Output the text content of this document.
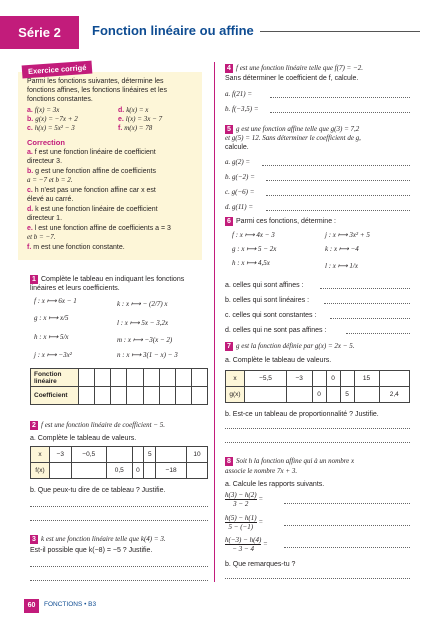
Série 2	Fonction linéaire ou affine
Exercice corrigé
Parmi les fonctions suivantes, détermine les
fonctions affines, les fonctions linéaires et les
fonctions constantes.
a. f(x) = 3x
b. g(x) = −7x + 2
c. h(x) = 5x² − 3
d. k(x) = x
e. l(x) = 3x − 7
f. m(x) = 78
Correction
a. f est une fonction linéaire de coefficient
directeur 3.
b. g est une fonction affine de coefficients
a = −7 et b = 2.
c. h n'est pas une fonction affine car x est
élevé au carré.
d. k est une fonction linéaire de coefficient
directeur 1.
e. l est une fonction affine de coefficients a = 3
et b = −7.
f. m est une fonction constante.
1 Complète le tableau en indiquant les fonctions
linéaires et leurs coefficients.
f : x ⟼ 6x − 1
g : x ⟼ x/5
h : x ⟼ 5/x
j : x ⟼ −3x²
k : x ⟼ − (2/7) x
l : x ⟼ 5x − 3,2x
m : x ⟼ −3(x − 2)
n : x ⟼ 3(1 − x) − 3
Fonction linéaire								
Coefficient								
2 f est une fonction linéaire de coefficient − 5.
a. Complète le tableau de valeurs.
x	−3	−0,5			5		10
f(x)			0,5	0		−18	
b. Que peux-tu dire de ce tableau ? Justifie.
3 k est une fonction linéaire telle que k(4) = 3.
Est-il possible que k(−8) = −5 ? Justifie.
4 f est une fonction linéaire telle que f(7) = −2.
Sans déterminer le coefficient de f, calcule.
a. f(21) =
b. f(−3,5) =
5 g est une fonction affine telle que g(3) = 7,2
et g(5) = 12. Sans déterminer le coefficient de g,
calcule.
a. g(2) =
b. g(−2) =
c. g(−6) =
d. g(11) =
6 Parmi ces fonctions, détermine :
f : x ⟼ 4x − 3
g : x ⟼ 5 − 2x
h : x ⟼ 4,5x
j : x ⟼ 3x² + 5
k : x ⟼ −4
l : x ⟼ 1/x
a. celles qui sont affines :
b. celles qui sont linéaires :
c. celles qui sont constantes :
d. celles qui ne sont pas affines :
7 g est la fonction définie par g(x) = 2x − 5.
a. Complète le tableau de valeurs.
x	−5,5	−3		0		15	
g(x)			0		5		2,4
b. Est-ce un tableau de proportionnalité ? Justifie.
8 Soit h la fonction affine qui à un nombre x
associe le nombre 7x + 3.
a. Calcule les rapports suivants.
$\frac{h(3) - h(2)}{3 - 2}$ =
$\frac{h(5) - h(1)}{5 - (-1)}$ =
$\frac{h(-3) - h(4)}{- 3 - 4}$ =
b. Que remarques-tu ?
60	FONCTIONS • B3
